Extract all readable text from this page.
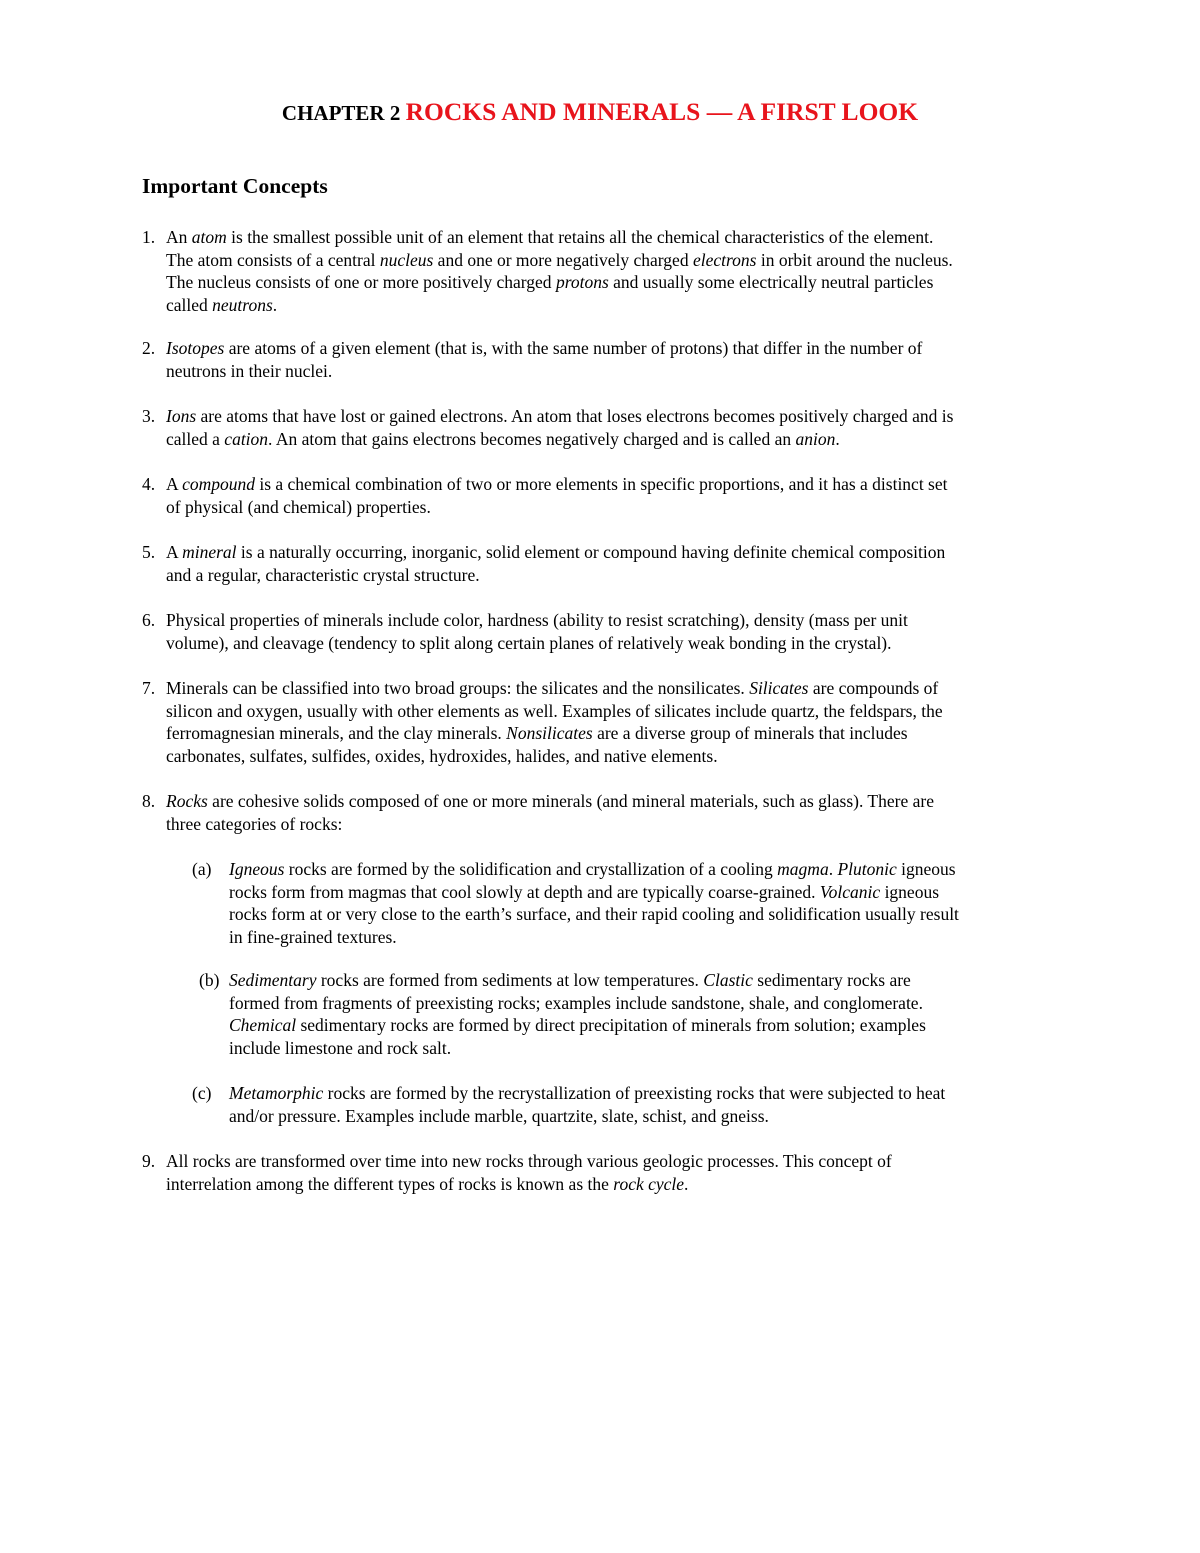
CHAPTER 2 ROCKS AND MINERALS — A FIRST LOOK
Important Concepts
1. An atom is the smallest possible unit of an element that retains all the chemical characteristics of the element.
The atom consists of a central nucleus and one or more negatively charged electrons in orbit around the nucleus.
The nucleus consists of one or more positively charged protons and usually some electrically neutral particles
called neutrons.
2. Isotopes are atoms of a given element (that is, with the same number of protons) that differ in the number of
neutrons in their nuclei.
3. Ions are atoms that have lost or gained electrons. An atom that loses electrons becomes positively charged and is
called a cation. An atom that gains electrons becomes negatively charged and is called an anion.
4. A compound is a chemical combination of two or more elements in specific proportions, and it has a distinct set
of physical (and chemical) properties.
5. A mineral is a naturally occurring, inorganic, solid element or compound having definite chemical composition
and a regular, characteristic crystal structure.
6. Physical properties of minerals include color, hardness (ability to resist scratching), density (mass per unit
volume), and cleavage (tendency to split along certain planes of relatively weak bonding in the crystal).
7. Minerals can be classified into two broad groups: the silicates and the nonsilicates. Silicates are compounds of
silicon and oxygen, usually with other elements as well. Examples of silicates include quartz, the feldspars, the
ferromagnesian minerals, and the clay minerals. Nonsilicates are a diverse group of minerals that includes
carbonates, sulfates, sulfides, oxides, hydroxides, halides, and native elements.
8. Rocks are cohesive solids composed of one or more minerals (and mineral materials, such as glass). There are
three categories of rocks:
(a) Igneous rocks are formed by the solidification and crystallization of a cooling magma. Plutonic igneous
rocks form from magmas that cool slowly at depth and are typically coarse-grained. Volcanic igneous
rocks form at or very close to the earth’s surface, and their rapid cooling and solidification usually result
in fine-grained textures.
(b) Sedimentary rocks are formed from sediments at low temperatures. Clastic sedimentary rocks are
formed from fragments of preexisting rocks; examples include sandstone, shale, and conglomerate.
Chemical sedimentary rocks are formed by direct precipitation of minerals from solution; examples
include limestone and rock salt.
(c) Metamorphic rocks are formed by the recrystallization of preexisting rocks that were subjected to heat
and/or pressure. Examples include marble, quartzite, slate, schist, and gneiss.
9. All rocks are transformed over time into new rocks through various geologic processes. This concept of
interrelation among the different types of rocks is known as the rock cycle.
